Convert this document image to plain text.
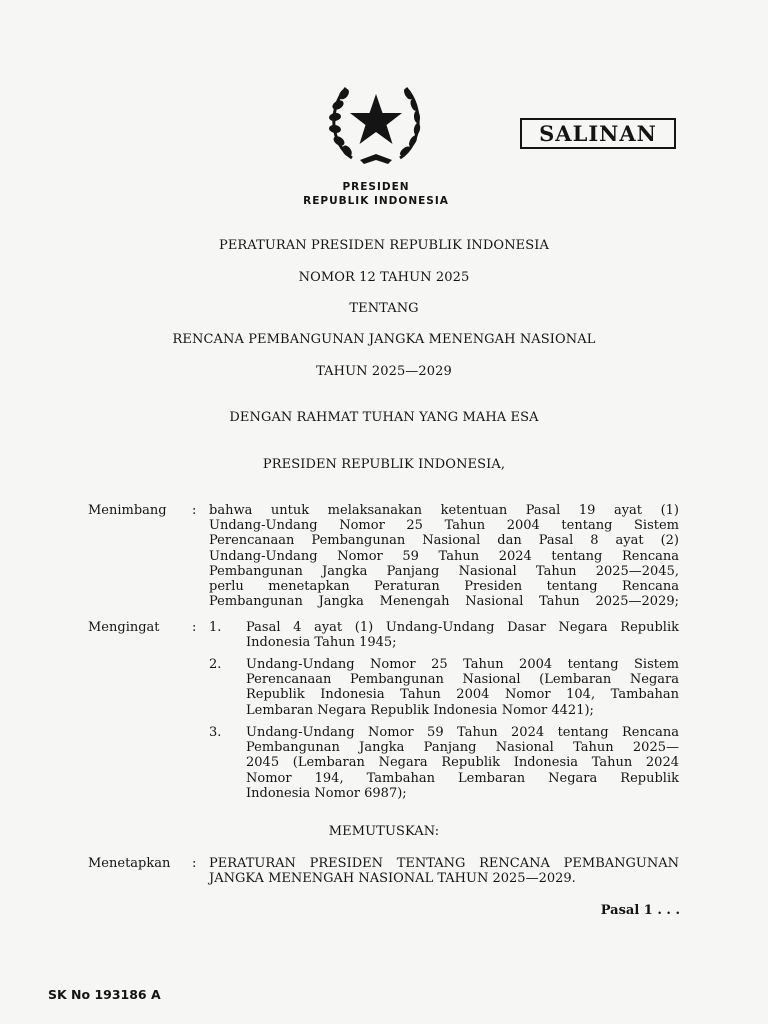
SALINAN
PRESIDEN
REPUBLIK INDONESIA
PERATURAN PRESIDEN REPUBLIK INDONESIA
NOMOR 12 TAHUN 2025
TENTANG
RENCANA PEMBANGUNAN JANGKA MENENGAH NASIONAL
TAHUN 2025—2029
DENGAN RAHMAT TUHAN YANG MAHA ESA
PRESIDEN REPUBLIK INDONESIA,
Menimbang : bahwa untuk melaksanakan ketentuan Pasal 19 ayat (1)
Undang-Undang Nomor 25 Tahun 2004 tentang Sistem
Perencanaan Pembangunan Nasional dan Pasal 8 ayat (2)
Undang-Undang Nomor 59 Tahun 2024 tentang Rencana
Pembangunan Jangka Panjang Nasional Tahun 2025—2045,
perlu menetapkan Peraturan Presiden tentang Rencana
Pembangunan Jangka Menengah Nasional Tahun 2025—2029;
Mengingat : 1. Pasal 4 ayat (1) Undang-Undang Dasar Negara Republik
Indonesia Tahun 1945;
2. Undang-Undang Nomor 25 Tahun 2004 tentang Sistem
Perencanaan Pembangunan Nasional (Lembaran Negara
Republik Indonesia Tahun 2004 Nomor 104, Tambahan
Lembaran Negara Republik Indonesia Nomor 4421);
3. Undang-Undang Nomor 59 Tahun 2024 tentang Rencana
Pembangunan Jangka Panjang Nasional Tahun 2025—
2045 (Lembaran Negara Republik Indonesia Tahun 2024
Nomor 194, Tambahan Lembaran Negara Republik
Indonesia Nomor 6987);
MEMUTUSKAN:
Menetapkan : PERATURAN PRESIDEN TENTANG RENCANA PEMBANGUNAN
JANGKA MENENGAH NASIONAL TAHUN 2025—2029.
Pasal 1 . . .
SK No 193186 A
